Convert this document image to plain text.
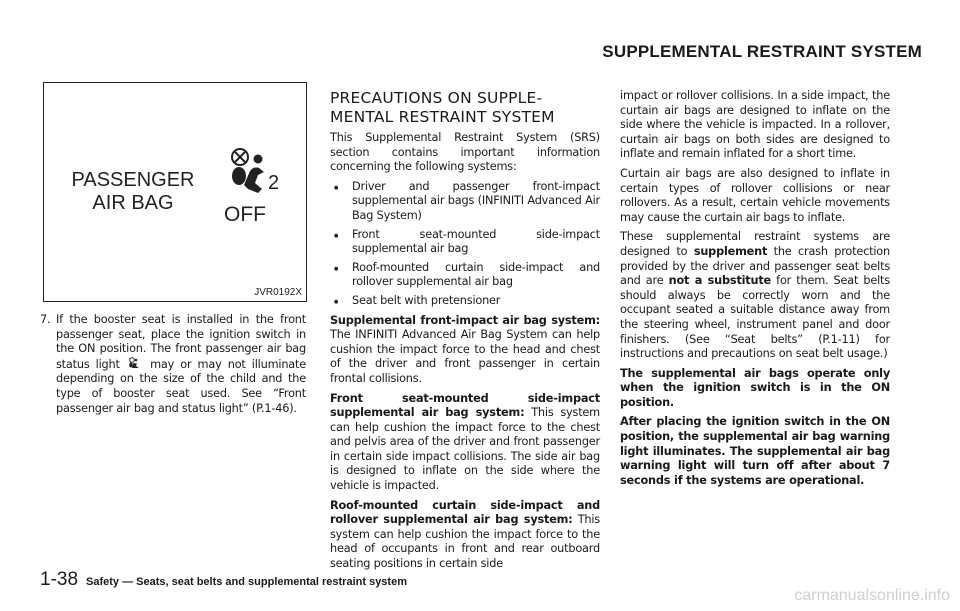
SUPPLEMENTAL RESTRAINT SYSTEM
PASSENGER
AIR BAG
2
OFF
JVR0192X

7. If the booster seat is installed in the front passenger seat, place the ignition switch in the ON position. The front passenger air bag status light	may or may not illuminate depending on the size of the child and the type of booster seat used. See “Front passenger air bag and status light” (P.1-46).

PRECAUTIONS ON SUPPLE-
MENTAL RESTRAINT SYSTEM

This Supplemental Restraint System (SRS) section contains important information concerning the following systems:

● Driver and passenger front-impact supplemental air bags (INFINITI Advanced Air Bag System)
● Front seat-mounted side-impact supplemental air bag
● Roof-mounted curtain side-impact and rollover supplemental air bag
● Seat belt with pretensioner

Supplemental front-impact air bag system: The INFINITI Advanced Air Bag System can help cushion the impact force to the head and chest of the driver and front passenger in certain frontal collisions.

Front seat-mounted side-impact supplemental air bag system: This system can help cushion the impact force to the chest and pelvis area of the driver and front passenger in certain side impact collisions. The side air bag is designed to inflate on the side where the vehicle is impacted.

Roof-mounted curtain side-impact and rollover supplemental air bag system: This system can help cushion the impact force to the head of occupants in front and rear outboard seating positions in certain side

impact or rollover collisions. In a side impact, the curtain air bags are designed to inflate on the side where the vehicle is impacted. In a rollover, curtain air bags on both sides are designed to inflate and remain inflated for a short time.

Curtain air bags are also designed to inflate in certain types of rollover collisions or near rollovers. As a result, certain vehicle movements may cause the curtain air bags to inflate.

These supplemental restraint systems are designed to supplement the crash protection provided by the driver and passenger seat belts and are not a substitute for them. Seat belts should always be correctly worn and the occupant seated a suitable distance away from the steering wheel, instrument panel and door finishers. (See “Seat belts” (P.1-11) for instructions and precautions on seat belt usage.)

The supplemental air bags operate only when the ignition switch is in the ON position.

After placing the ignition switch in the ON position, the supplemental air bag warning light illuminates. The supplemental air bag warning light will turn off after about 7 seconds if the systems are operational.

1-38 Safety — Seats, seat belts and supplemental restraint system
carmanualsonline.info
